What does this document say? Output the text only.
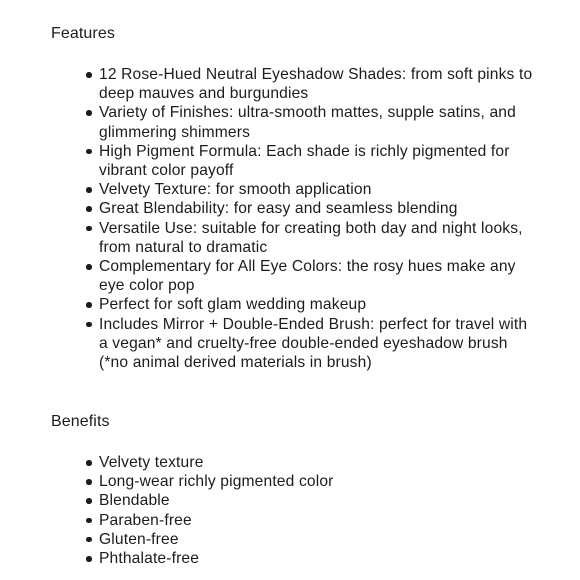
Features
12 Rose-Hued Neutral Eyeshadow Shades: from soft pinks to deep mauves and burgundies
Variety of Finishes: ultra-smooth mattes, supple satins, and glimmering shimmers
High Pigment Formula: Each shade is richly pigmented for vibrant color payoff
Velvety Texture: for smooth application
Great Blendability: for easy and seamless blending
Versatile Use: suitable for creating both day and night looks, from natural to dramatic
Complementary for All Eye Colors: the rosy hues make any eye color pop
Perfect for soft glam wedding makeup
Includes Mirror + Double-Ended Brush: perfect for travel with a vegan* and cruelty-free double-ended eyeshadow brush (*no animal derived materials in brush)
Benefits
Velvety texture
Long-wear richly pigmented color
Blendable
Paraben-free
Gluten-free
Phthalate-free
